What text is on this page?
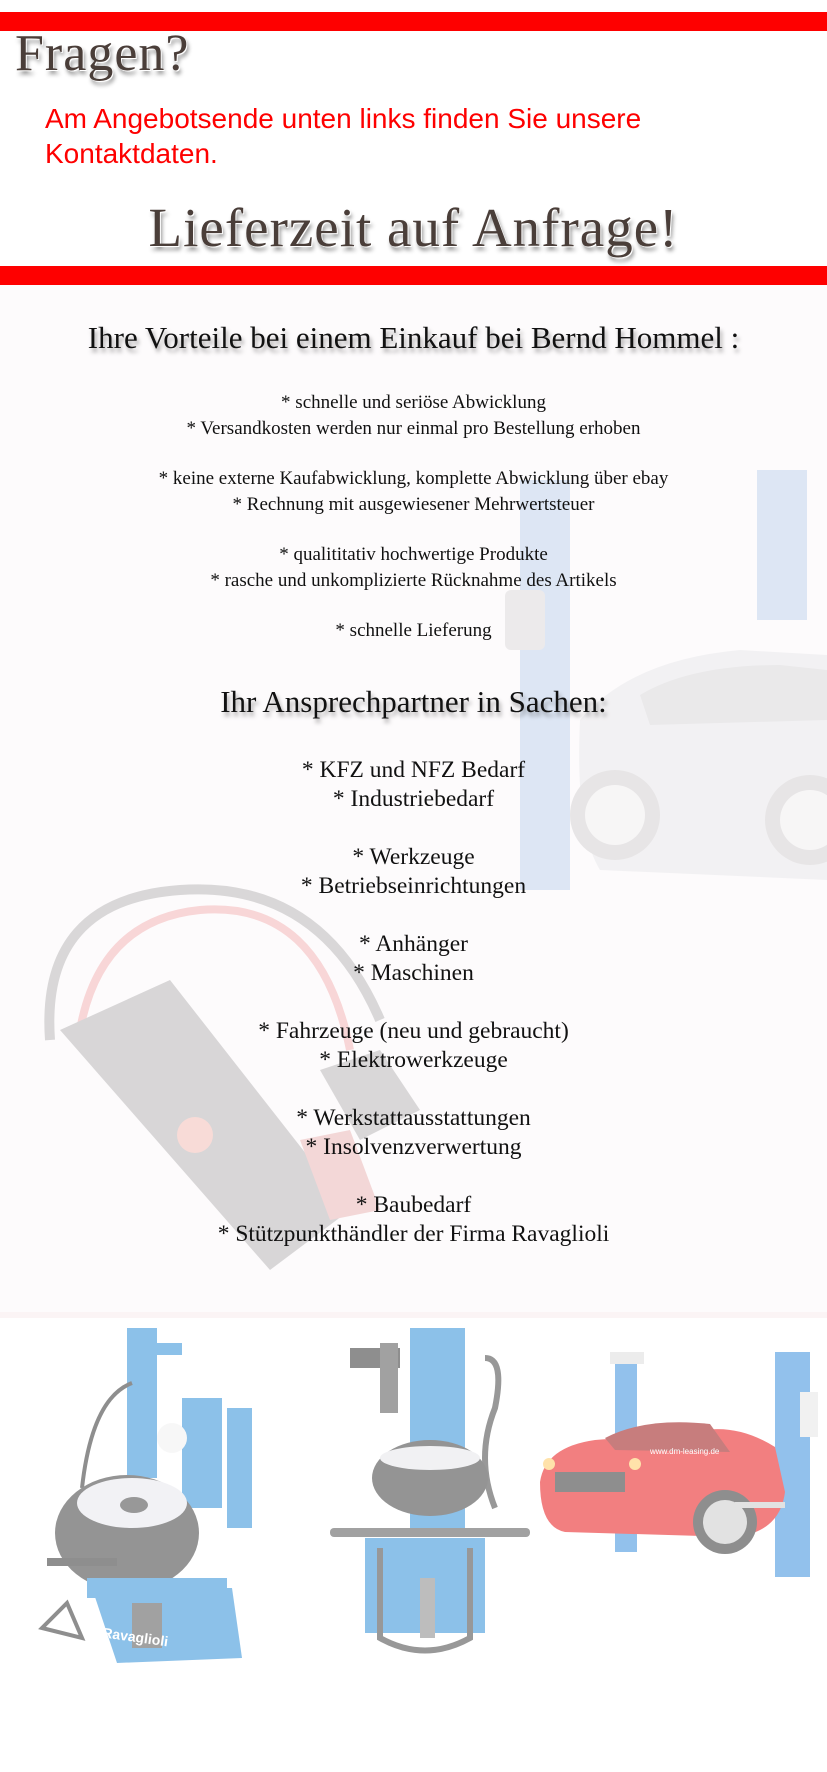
Fragen?
Am Angebotsende unten links finden Sie unsere Kontaktdaten.
Lieferzeit auf Anfrage!
Ihre Vorteile bei einem Einkauf bei Bernd Hommel :
* schnelle und seriöse Abwicklung
* Versandkosten werden nur einmal pro Bestellung erhoben
* keine externe Kaufabwicklung, komplette Abwicklung über ebay
* Rechnung mit ausgewiesener Mehrwertsteuer
* qualititativ hochwertige Produkte
* rasche und unkomplizierte Rücknahme des Artikels
* schnelle Lieferung
Ihr Ansprechpartner in Sachen:
* KFZ und NFZ Bedarf
* Industriebedarf
* Werkzeuge
* Betriebseinrichtungen
* Anhänger
* Maschinen
* Fahrzeuge (neu und gebraucht)
* Elektrowerkzeuge
* Werkstattausstattungen
* Insolvenzverwertung
* Baubedarf
* Stützpunkthändler der Firma Ravaglioli
Ravaglioli
www.dm-leasing.de
